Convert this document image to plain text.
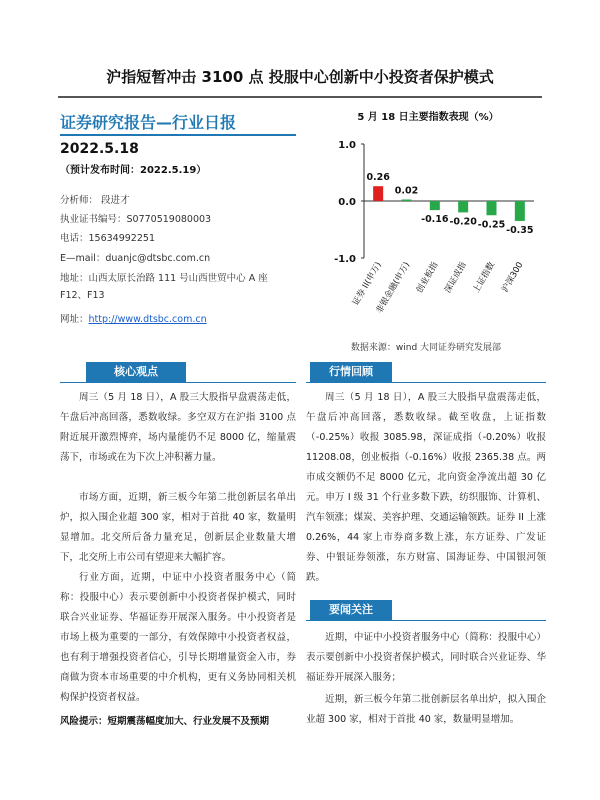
沪指短暂冲击 3100 点 投服中心创新中小投资者保护模式
证券研究报告—行业日报
2022.5.18
（预计发布时间：2022.5.19）
分析师： 段进才
执业证书编号：S0770519080003
电话：15634992251
E—mail：duanjc@dtsbc.com.cn
地址：山西太原长治路 111 号山西世贸中心 A 座 F12、F13
网址：http://www.dtsbc.com.cn
5 月 18 日主要指数表现（%）
1.0
0.0
-1.0
0.26
证券 II(申万)
0.02
非银金融(申万)
-0.16
创业板指
-0.20
深证成指
-0.25
上证指数
-0.35
沪深300
数据来源：wind 大同证券研究发展部
核心观点
周三（5 月 18 日），A 股三大股指早盘震荡走低，午盘后冲高回落，悉数收绿。多空双方在沪指 3100 点附近展开激烈博弈，场内量能仍不足 8000 亿，缩量震荡下，市场或在为下次上冲积蓄力量。
市场方面，近期，新三板今年第二批创新层名单出炉，拟入围企业超 300 家，相对于首批 40 家，数量明显增加。北交所后备力量充足，创新层企业数量大增下，北交所上市公司有望迎来大幅扩容。
行业方面，近期，中证中小投资者服务中心（简称：投服中心）表示要创新中小投资者保护模式，同时联合兴业证券、华福证券开展深入服务。中小投资者是市场上极为重要的一部分，有效保障中小投资者权益，也有利于增强投资者信心，引导长期增量资金入市，券商做为资本市场重要的中介机构，更有义务协同相关机构保护投资者权益。
风险提示：短期震荡幅度加大、行业发展不及预期
行情回顾
周三（5 月 18 日），A 股三大股指早盘震荡走低，午盘后冲高回落，悉数收绿。截至收盘，上证指数（-0.25%）收报 3085.98，深证成指（-0.20%）收报 11208.08，创业板指（-0.16%）收报 2365.38 点。两市成交额仍不足 8000 亿元，北向资金净流出超 30 亿元。申万 I 级 31 个行业多数下跌，纺织服饰、计算机、汽车领涨；煤炭、美容护理、交通运输领跌。证券 II 上涨 0.26%，44 家上市券商多数上涨，东方证券、广发证券、中银证券领涨，东方财富、国海证券、中国银河领跌。
要闻关注
近期，中证中小投资者服务中心（简称：投服中心）表示要创新中小投资者保护模式，同时联合兴业证券、华福证券开展深入服务；
近期，新三板今年第二批创新层名单出炉，拟入围企业超 300 家，相对于首批 40 家，数量明显增加。
